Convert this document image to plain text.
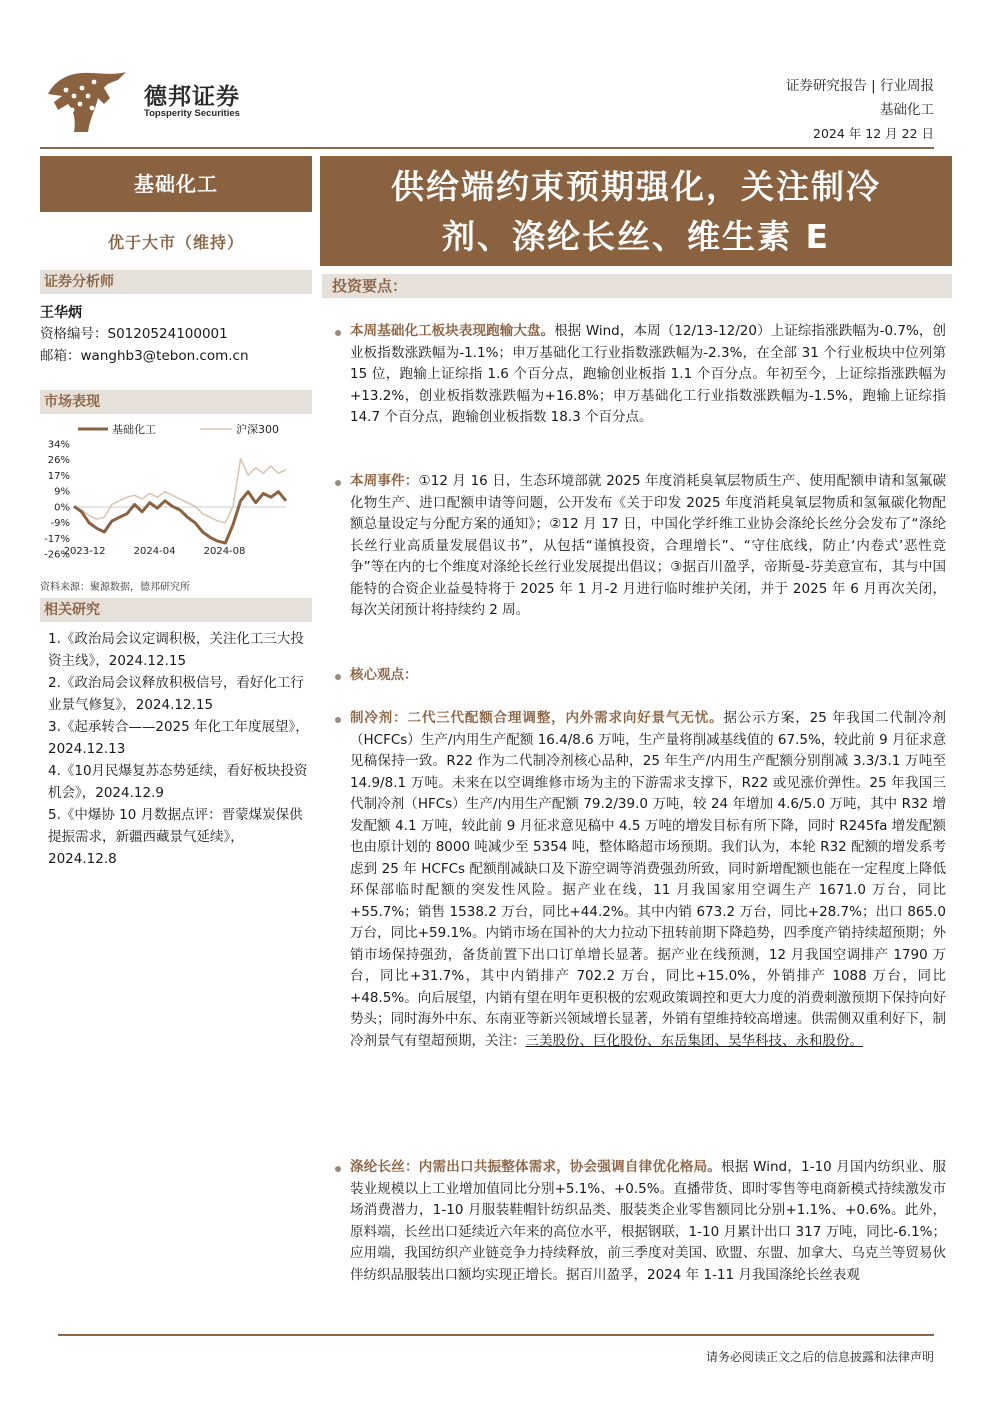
德邦证券
Topsperity Securities
证券研究报告 | 行业周报
基础化工
2024 年 12 月 22 日
基础化工
优于大市（维持）
供给端约束预期强化，关注制冷
剂、涤纶长丝、维生素 E
证券分析师
王华炳
资格编号：S0120524100001
邮箱：wanghb3@tebon.com.cn
市场表现
基础化工	沪深300
34%
26%
17%
9%
0%
-9%
-17%
-26%
2023-12	2024-04	2024-08
资料来源：聚源数据，德邦研究所
相关研究
1.《政治局会议定调积极，关注化工三大投资主线》，2024.12.15
2.《政治局会议释放积极信号，看好化工行业景气修复》，2024.12.15
3.《起承转合——2025 年化工年度展望》，2024.12.13
4.《10月民爆复苏态势延续，看好板块投资机会》，2024.12.9
5.《中爆协 10 月数据点评：晋蒙煤炭保供提振需求，新疆西藏景气延续》，2024.12.8
投资要点：
本周基础化工板块表现跑输大盘。根据 Wind，本周（12/13-12/20）上证综指涨跌幅为-0.7%，创业板指数涨跌幅为-1.1%；申万基础化工行业指数涨跌幅为-2.3%，在全部 31 个行业板块中位列第 15 位，跑输上证综指 1.6 个百分点，跑输创业板指 1.1 个百分点。年初至今，上证综指涨跌幅为+13.2%，创业板指数涨跌幅为+16.8%；申万基础化工行业指数涨跌幅为-1.5%，跑输上证综指 14.7 个百分点，跑输创业板指数 18.3 个百分点。
本周事件：①12 月 16 日，生态环境部就 2025 年度消耗臭氧层物质生产、使用配额申请和氢氟碳化物生产、进口配额申请等问题，公开发布《关于印发 2025 年度消耗臭氧层物质和氢氟碳化物配额总量设定与分配方案的通知》；②12 月 17 日，中国化学纤维工业协会涤纶长丝分会发布了“涤纶长丝行业高质量发展倡议书”，从包括“谨慎投资，合理增长”、“守住底线，防止‘内卷式’恶性竞争”等在内的七个维度对涤纶长丝行业发展提出倡议；③据百川盈孚，帝斯曼-芬美意宣布，其与中国能特的合资企业益曼特将于 2025 年 1 月-2 月进行临时维护关闭，并于 2025 年 6 月再次关闭，每次关闭预计将持续约 2 周。
核心观点：
制冷剂：二代三代配额合理调整，内外需求向好景气无忧。据公示方案，25 年我国二代制冷剂（HCFCs）生产/内用生产配额 16.4/8.6 万吨，生产量将削减基线值的 67.5%，较此前 9 月征求意见稿保持一致。R22 作为二代制冷剂核心品种，25 年生产/内用生产配额分别削减 3.3/3.1 万吨至 14.9/8.1 万吨。未来在以空调维修市场为主的下游需求支撑下，R22 或见涨价弹性。25 年我国三代制冷剂（HFCs）生产/内用生产配额 79.2/39.0 万吨，较 24 年增加 4.6/5.0 万吨，其中 R32 增发配额 4.1 万吨，较此前 9 月征求意见稿中 4.5 万吨的增发目标有所下降，同时 R245fa 增发配额也由原计划的 8000 吨减少至 5354 吨，整体略超市场预期。我们认为，本轮 R32 配额的增发系考虑到 25 年 HCFCs 配额削减缺口及下游空调等消费强劲所致，同时新增配额也能在一定程度上降低环保部临时配额的突发性风险。据产业在线，11 月我国家用空调生产 1671.0 万台，同比+55.7%；销售 1538.2 万台，同比+44.2%。其中内销 673.2 万台，同比+28.7%；出口 865.0 万台，同比+59.1%。内销市场在国补的大力拉动下扭转前期下降趋势，四季度产销持续超预期；外销市场保持强劲，备货前置下出口订单增长显著。据产业在线预测，12 月我国空调排产 1790 万台，同比+31.7%，其中内销排产 702.2 万台，同比+15.0%，外销排产 1088 万台，同比+48.5%。向后展望，内销有望在明年更积极的宏观政策调控和更大力度的消费刺激预期下保持向好势头；同时海外中东、东南亚等新兴领域增长显著，外销有望维持较高增速。供需侧双重利好下，制冷剂景气有望超预期，关注：三美股份、巨化股份、东岳集团、昊华科技、永和股份。
涤纶长丝：内需出口共振整体需求，协会强调自律优化格局。根据 Wind，1-10 月国内纺织业、服装业规模以上工业增加值同比分别+5.1%、+0.5%。直播带货、即时零售等电商新模式持续激发市场消费潜力，1-10 月服装鞋帽针纺织品类、服装类企业零售额同比分别+1.1%、+0.6%。此外，原料端，长丝出口延续近六年来的高位水平，根据钢联，1-10 月累计出口 317 万吨，同比-6.1%；应用端，我国纺织产业链竞争力持续释放，前三季度对美国、欧盟、东盟、加拿大、乌克兰等贸易伙伴纺织品服装出口额均实现正增长。据百川盈孚，2024 年 1-11 月我国涤纶长丝表观
请务必阅读正文之后的信息披露和法律声明
